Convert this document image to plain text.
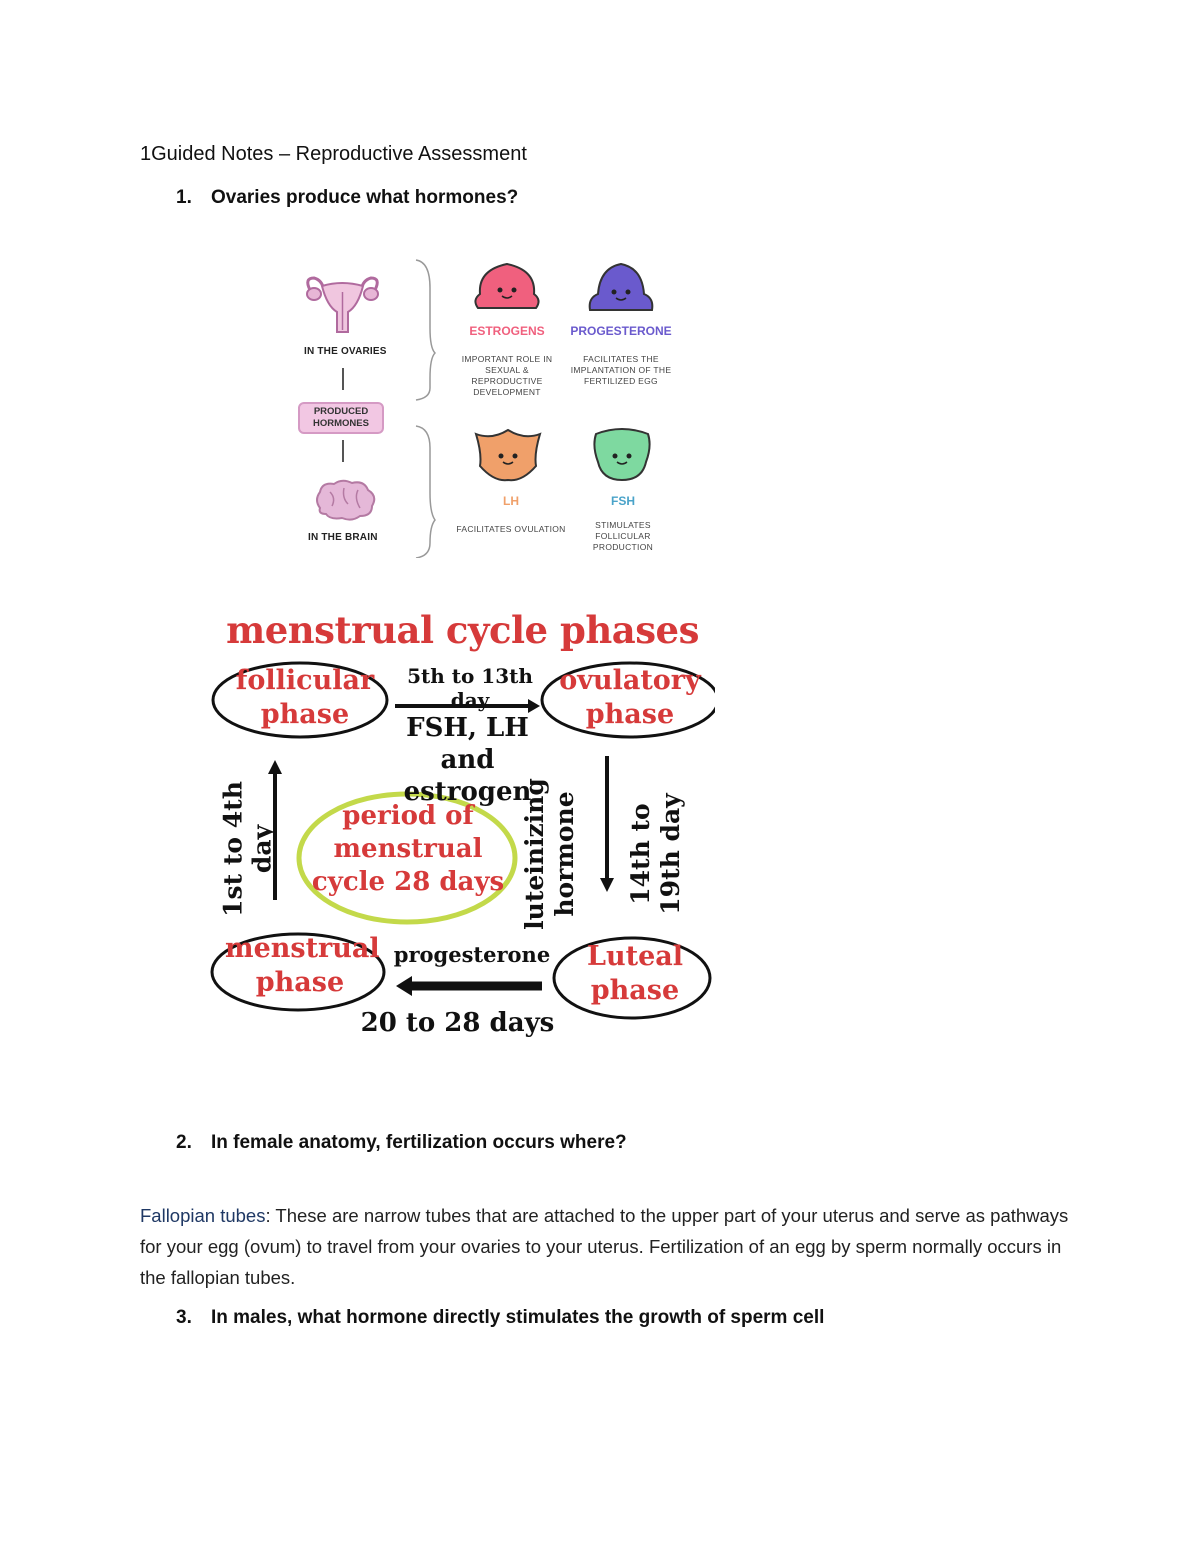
1Guided Notes – Reproductive Assessment
1. Ovaries produce what hormones?
IN THE OVARIES
PRODUCED
HORMONES
IN THE BRAIN
ESTROGENS
IMPORTANT ROLE IN SEXUAL & REPRODUCTIVE DEVELOPMENT
PROGESTERONE
FACILITATES THE IMPLANTATION OF THE FERTILIZED EGG
LH
FACILITATES OVULATION
FSH
STIMULATES FOLLICULAR PRODUCTION
menstrual cycle phases
follicular
phase
ovulatory
phase
menstrual
phase
Luteal
phase
period of
menstrual
cycle 28 days
5th to 13th day
FSH, LH and
estrogen
luteinizing hormone 14th to 19th day
1st to 4th day
progesterone
20 to 28 days
2. In female anatomy, fertilization occurs where?
Fallopian tubes: These are narrow tubes that are attached to the upper part of your uterus and serve as pathways for your egg (ovum) to travel from your ovaries to your uterus. Fertilization of an egg by sperm normally occurs in the fallopian tubes.
3. In males, what hormone directly stimulates the growth of sperm cell
